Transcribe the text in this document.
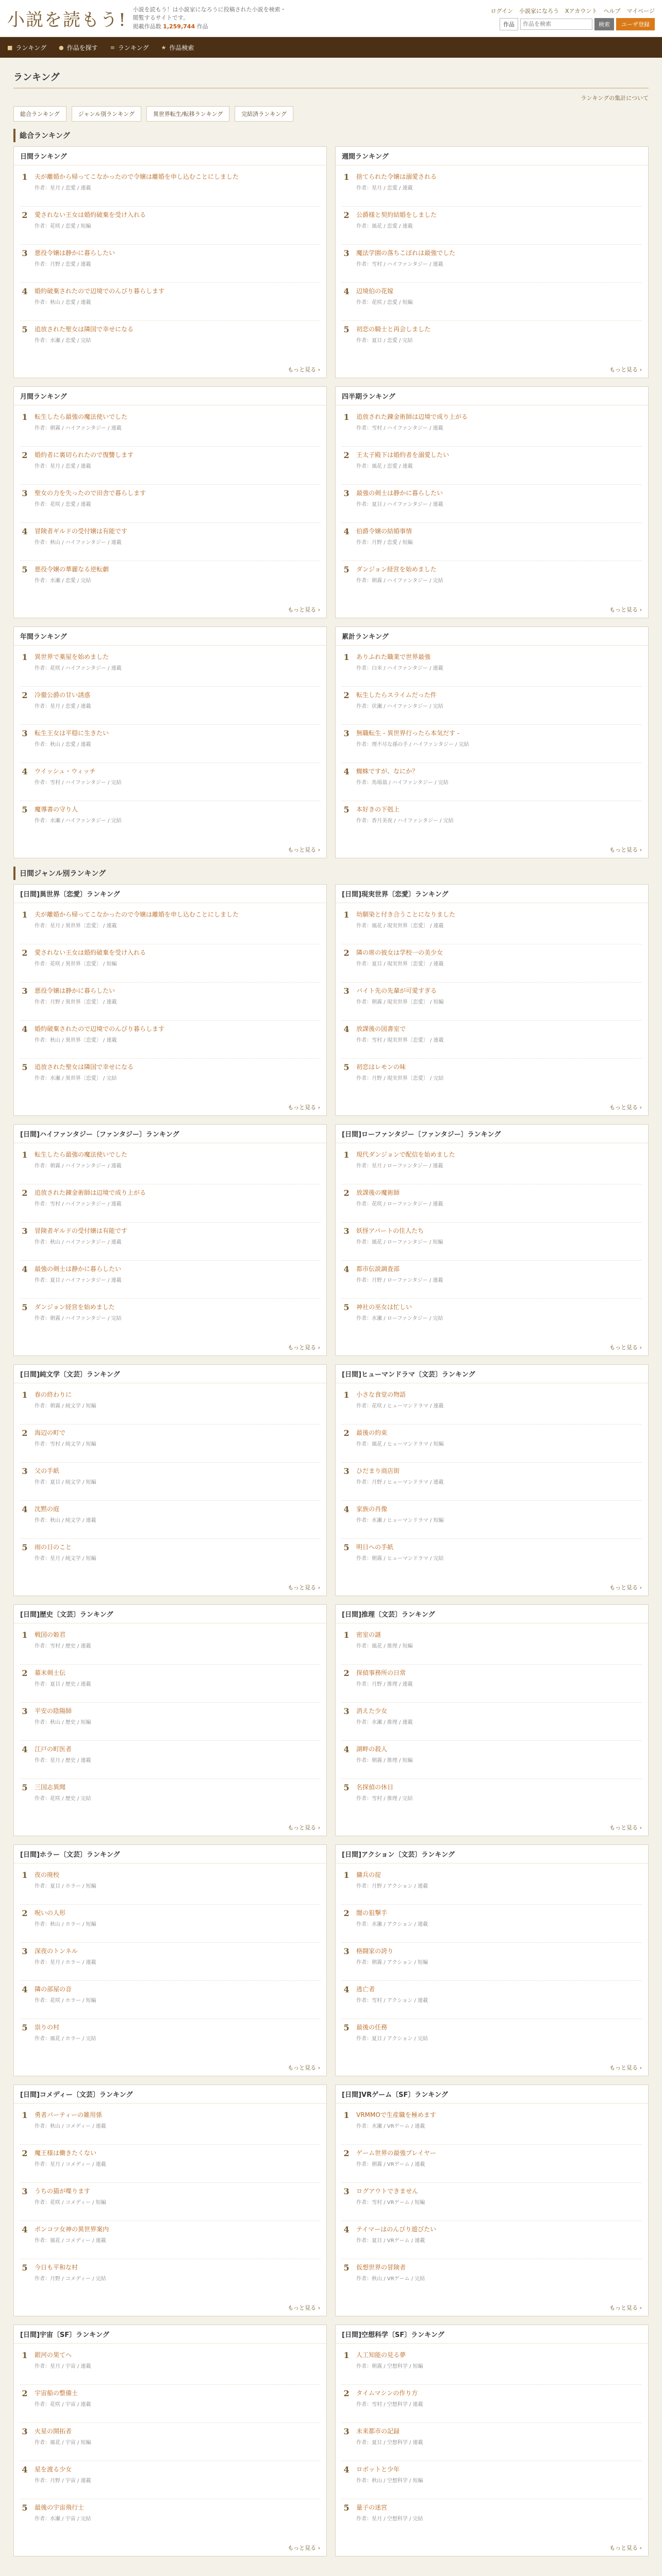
小説を読もう!
小説を読もう！は小説家になろうに投稿された小説を検索・閲覧するサイトです。
掲載作品数 1,259,744 作品
ログイン 小説家になろう Xアカウント ヘルプ マイページ
作品
作品を検索	検索	ユーザ登録
■ ランキング ● 作品を探す ≡ ランキング ★ 作品検索
ランキング
ランキングの集計について
総合ランキング	ジャンル別ランキング	異世界転生/転移ランキング	完結済ランキング
総合ランキング
日間ランキング
1 夫が離婚から帰ってこなかったので令嬢は離婚を申し込むことにしました
作者：星月 / 恋愛 / 連載
2 愛されない王女は婚約破棄を受け入れる
作者：花咲 / 恋愛 / 短編
3 悪役令嬢は静かに暮らしたい
作者：月野 / 恋愛 / 連載
4 婚約破棄されたので辺境でのんびり暮らします
作者：秋山 / 恋愛 / 連載
5 追放された聖女は隣国で幸せになる
作者：水瀬 / 恋愛 / 完結
もっと見る ›
週間ランキング
1 捨てられた令嬢は溺愛される
作者：星月 / 恋愛 / 連載
2 公爵様と契約結婚をしました
作者：風花 / 恋愛 / 連載
3 魔法学園の落ちこぼれは最強でした
作者：雪村 / ハイファンタジー / 連載
4 辺境伯の花嫁
作者：花咲 / 恋愛 / 短編
5 初恋の騎士と再会しました
作者：夏目 / 恋愛 / 完結
もっと見る ›
月間ランキング
1 転生したら最強の魔法使いでした
作者：朝霧 / ハイファンタジー / 連載
2 婚約者に裏切られたので復讐します
作者：星月 / 恋愛 / 連載
3 聖女の力を失ったので田舎で暮らします
作者：花咲 / 恋愛 / 連載
4 冒険者ギルドの受付嬢は有能です
作者：秋山 / ハイファンタジー / 連載
5 悪役令嬢の華麗なる逆転劇
作者：水瀬 / 恋愛 / 完結
もっと見る ›
四半期ランキング
1 追放された錬金術師は辺境で成り上がる
作者：雪村 / ハイファンタジー / 連載
2 王太子殿下は婚約者を溺愛したい
作者：風花 / 恋愛 / 連載
3 最強の剣士は静かに暮らしたい
作者：夏目 / ハイファンタジー / 連載
4 伯爵令嬢の結婚事情
作者：月野 / 恋愛 / 短編
5 ダンジョン経営を始めました
作者：朝霧 / ハイファンタジー / 完結
もっと見る ›
年間ランキング
1 異世界で薬屋を始めました
作者：花咲 / ハイファンタジー / 連載
2 冷徹公爵の甘い誘惑
作者：星月 / 恋愛 / 連載
3 転生王女は平穏に生きたい
作者：秋山 / 恋愛 / 連載
4 ウイッシュ・ウィッチ
作者：雪村 / ハイファンタジー / 完結
5 魔導書の守り人
作者：水瀬 / ハイファンタジー / 完結
もっと見る ›
累計ランキング
1 ありふれた職業で世界最強
作者：白米 / ハイファンタジー / 連載
2 転生したらスライムだった件
作者：伏瀬 / ハイファンタジー / 完結
3 無職転生 - 異世界行ったら本気だす -
作者：理不尽な孫の手 / ハイファンタジー / 完結
4 蜘蛛ですが、なにか？
作者：馬場翁 / ハイファンタジー / 完結
5 本好きの下剋上
作者：香月美夜 / ハイファンタジー / 完結
もっと見る ›
日間ジャンル別ランキング
[日間]異世界〔恋愛〕ランキング
1 夫が離婚から帰ってこなかったので令嬢は離婚を申し込むことにしました
作者：星月 / 異世界〔恋愛〕 / 連載
2 愛されない王女は婚約破棄を受け入れる
作者：花咲 / 異世界〔恋愛〕 / 短編
3 悪役令嬢は静かに暮らしたい
作者：月野 / 異世界〔恋愛〕 / 連載
4 婚約破棄されたので辺境でのんびり暮らします
作者：秋山 / 異世界〔恋愛〕 / 連載
5 追放された聖女は隣国で幸せになる
作者：水瀬 / 異世界〔恋愛〕 / 完結
もっと見る ›
[日間]現実世界〔恋愛〕ランキング
1 幼馴染と付き合うことになりました
作者：風花 / 現実世界〔恋愛〕 / 連載
2 隣の席の彼女は学校一の美少女
作者：夏目 / 現実世界〔恋愛〕 / 連載
3 バイト先の先輩が可愛すぎる
作者：朝霧 / 現実世界〔恋愛〕 / 短編
4 放課後の図書室で
作者：雪村 / 現実世界〔恋愛〕 / 連載
5 初恋はレモンの味
作者：月野 / 現実世界〔恋愛〕 / 完結
もっと見る ›
[日間]ハイファンタジー〔ファンタジー〕ランキング
1 転生したら最強の魔法使いでした
作者：朝霧 / ハイファンタジー / 連載
2 追放された錬金術師は辺境で成り上がる
作者：雪村 / ハイファンタジー / 連載
3 冒険者ギルドの受付嬢は有能です
作者：秋山 / ハイファンタジー / 連載
4 最強の剣士は静かに暮らしたい
作者：夏目 / ハイファンタジー / 連載
5 ダンジョン経営を始めました
作者：朝霧 / ハイファンタジー / 完結
もっと見る ›
[日間]ローファンタジー〔ファンタジー〕ランキング
1 現代ダンジョンで配信を始めました
作者：星月 / ローファンタジー / 連載
2 放課後の魔術師
作者：花咲 / ローファンタジー / 連載
3 妖怪アパートの住人たち
作者：風花 / ローファンタジー / 短編
4 都市伝説調査部
作者：月野 / ローファンタジー / 連載
5 神社の巫女は忙しい
作者：水瀬 / ローファンタジー / 完結
もっと見る ›
[日間]純文学〔文芸〕ランキング
1 春の終わりに
作者：朝霧 / 純文学 / 短編
2 海辺の町で
作者：雪村 / 純文学 / 短編
3 父の手紙
作者：夏目 / 純文学 / 短編
4 沈黙の庭
作者：秋山 / 純文学 / 連載
5 雨の日のこと
作者：星月 / 純文学 / 短編
もっと見る ›
[日間]ヒューマンドラマ〔文芸〕ランキング
1 小さな食堂の物語
作者：花咲 / ヒューマンドラマ / 連載
2 最後の約束
作者：風花 / ヒューマンドラマ / 短編
3 ひだまり商店街
作者：月野 / ヒューマンドラマ / 連載
4 家族の肖像
作者：水瀬 / ヒューマンドラマ / 短編
5 明日への手紙
作者：朝霧 / ヒューマンドラマ / 完結
もっと見る ›
[日間]歴史〔文芸〕ランキング
1 戦国の姫君
作者：雪村 / 歴史 / 連載
2 幕末剣士伝
作者：夏目 / 歴史 / 連載
3 平安の陰陽師
作者：秋山 / 歴史 / 短編
4 江戸の町医者
作者：星月 / 歴史 / 連載
5 三国志異聞
作者：花咲 / 歴史 / 完結
もっと見る ›
[日間]推理〔文芸〕ランキング
1 密室の謎
作者：風花 / 推理 / 短編
2 探偵事務所の日常
作者：月野 / 推理 / 連載
3 消えた少女
作者：水瀬 / 推理 / 連載
4 湖畔の殺人
作者：朝霧 / 推理 / 短編
5 名探偵の休日
作者：雪村 / 推理 / 完結
もっと見る ›
[日間]ホラー〔文芸〕ランキング
1 夜の廃校
作者：夏目 / ホラー / 短編
2 呪いの人形
作者：秋山 / ホラー / 短編
3 深夜のトンネル
作者：星月 / ホラー / 連載
4 隣の部屋の音
作者：花咲 / ホラー / 短編
5 祟りの村
作者：風花 / ホラー / 完結
もっと見る ›
[日間]アクション〔文芸〕ランキング
1 傭兵の掟
作者：月野 / アクション / 連載
2 闇の狙撃手
作者：水瀬 / アクション / 連載
3 格闘家の誇り
作者：朝霧 / アクション / 短編
4 逃亡者
作者：雪村 / アクション / 連載
5 最後の任務
作者：夏目 / アクション / 完結
もっと見る ›
[日間]コメディー〔文芸〕ランキング
1 勇者パーティーの雑用係
作者：秋山 / コメディー / 連載
2 魔王様は働きたくない
作者：星月 / コメディー / 連載
3 うちの猫が喋ります
作者：花咲 / コメディー / 短編
4 ポンコツ女神の異世界案内
作者：風花 / コメディー / 連載
5 今日も平和な村
作者：月野 / コメディー / 完結
もっと見る ›
[日間]VRゲーム〔SF〕ランキング
1 VRMMOで生産職を極めます
作者：水瀬 / VRゲーム / 連載
2 ゲーム世界の最強プレイヤー
作者：朝霧 / VRゲーム / 連載
3 ログアウトできません
作者：雪村 / VRゲーム / 短編
4 テイマーはのんびり遊びたい
作者：夏目 / VRゲーム / 連載
5 仮想世界の冒険者
作者：秋山 / VRゲーム / 完結
もっと見る ›
[日間]宇宙〔SF〕ランキング
1 銀河の果てへ
作者：星月 / 宇宙 / 連載
2 宇宙船の整備士
作者：花咲 / 宇宙 / 連載
3 火星の開拓者
作者：風花 / 宇宙 / 短編
4 星を渡る少女
作者：月野 / 宇宙 / 連載
5 最後の宇宙飛行士
作者：水瀬 / 宇宙 / 完結
もっと見る ›
[日間]空想科学〔SF〕ランキング
1 人工知能の見る夢
作者：朝霧 / 空想科学 / 短編
2 タイムマシンの作り方
作者：雪村 / 空想科学 / 連載
3 未来都市の記録
作者：夏目 / 空想科学 / 連載
4 ロボットと少年
作者：秋山 / 空想科学 / 短編
5 量子の迷宮
作者：星月 / 空想科学 / 完結
もっと見る ›
